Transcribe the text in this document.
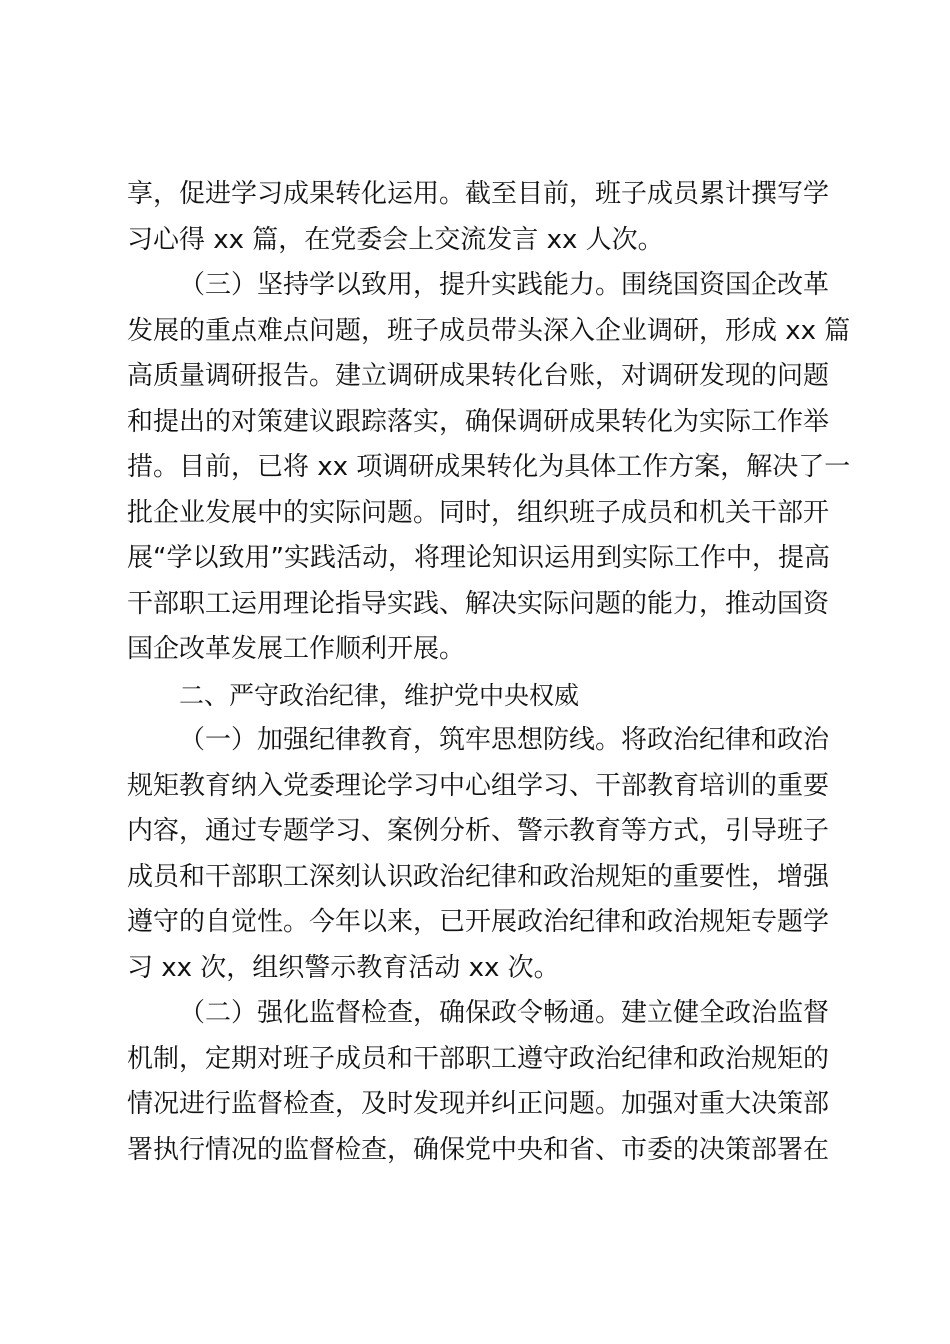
享，促进学习成果转化运用。截至目前，班子成员累计撰写学
习心得 xx 篇，在党委会上交流发言 xx 人次。
（三）坚持学以致用，提升实践能力。围绕国资国企改革
发展的重点难点问题，班子成员带头深入企业调研，形成 xx 篇
高质量调研报告。建立调研成果转化台账，对调研发现的问题
和提出的对策建议跟踪落实，确保调研成果转化为实际工作举
措。目前，已将 xx 项调研成果转化为具体工作方案，解决了一
批企业发展中的实际问题。同时，组织班子成员和机关干部开
展“学以致用”实践活动，将理论知识运用到实际工作中，提高
干部职工运用理论指导实践、解决实际问题的能力，推动国资
国企改革发展工作顺利开展。
二、严守政治纪律，维护党中央权威
（一）加强纪律教育，筑牢思想防线。将政治纪律和政治
规矩教育纳入党委理论学习中心组学习、干部教育培训的重要
内容，通过专题学习、案例分析、警示教育等方式，引导班子
成员和干部职工深刻认识政治纪律和政治规矩的重要性，增强
遵守的自觉性。今年以来，已开展政治纪律和政治规矩专题学
习 xx 次，组织警示教育活动 xx 次。
（二）强化监督检查，确保政令畅通。建立健全政治监督
机制，定期对班子成员和干部职工遵守政治纪律和政治规矩的
情况进行监督检查，及时发现并纠正问题。加强对重大决策部
署执行情况的监督检查，确保党中央和省、市委的决策部署在
